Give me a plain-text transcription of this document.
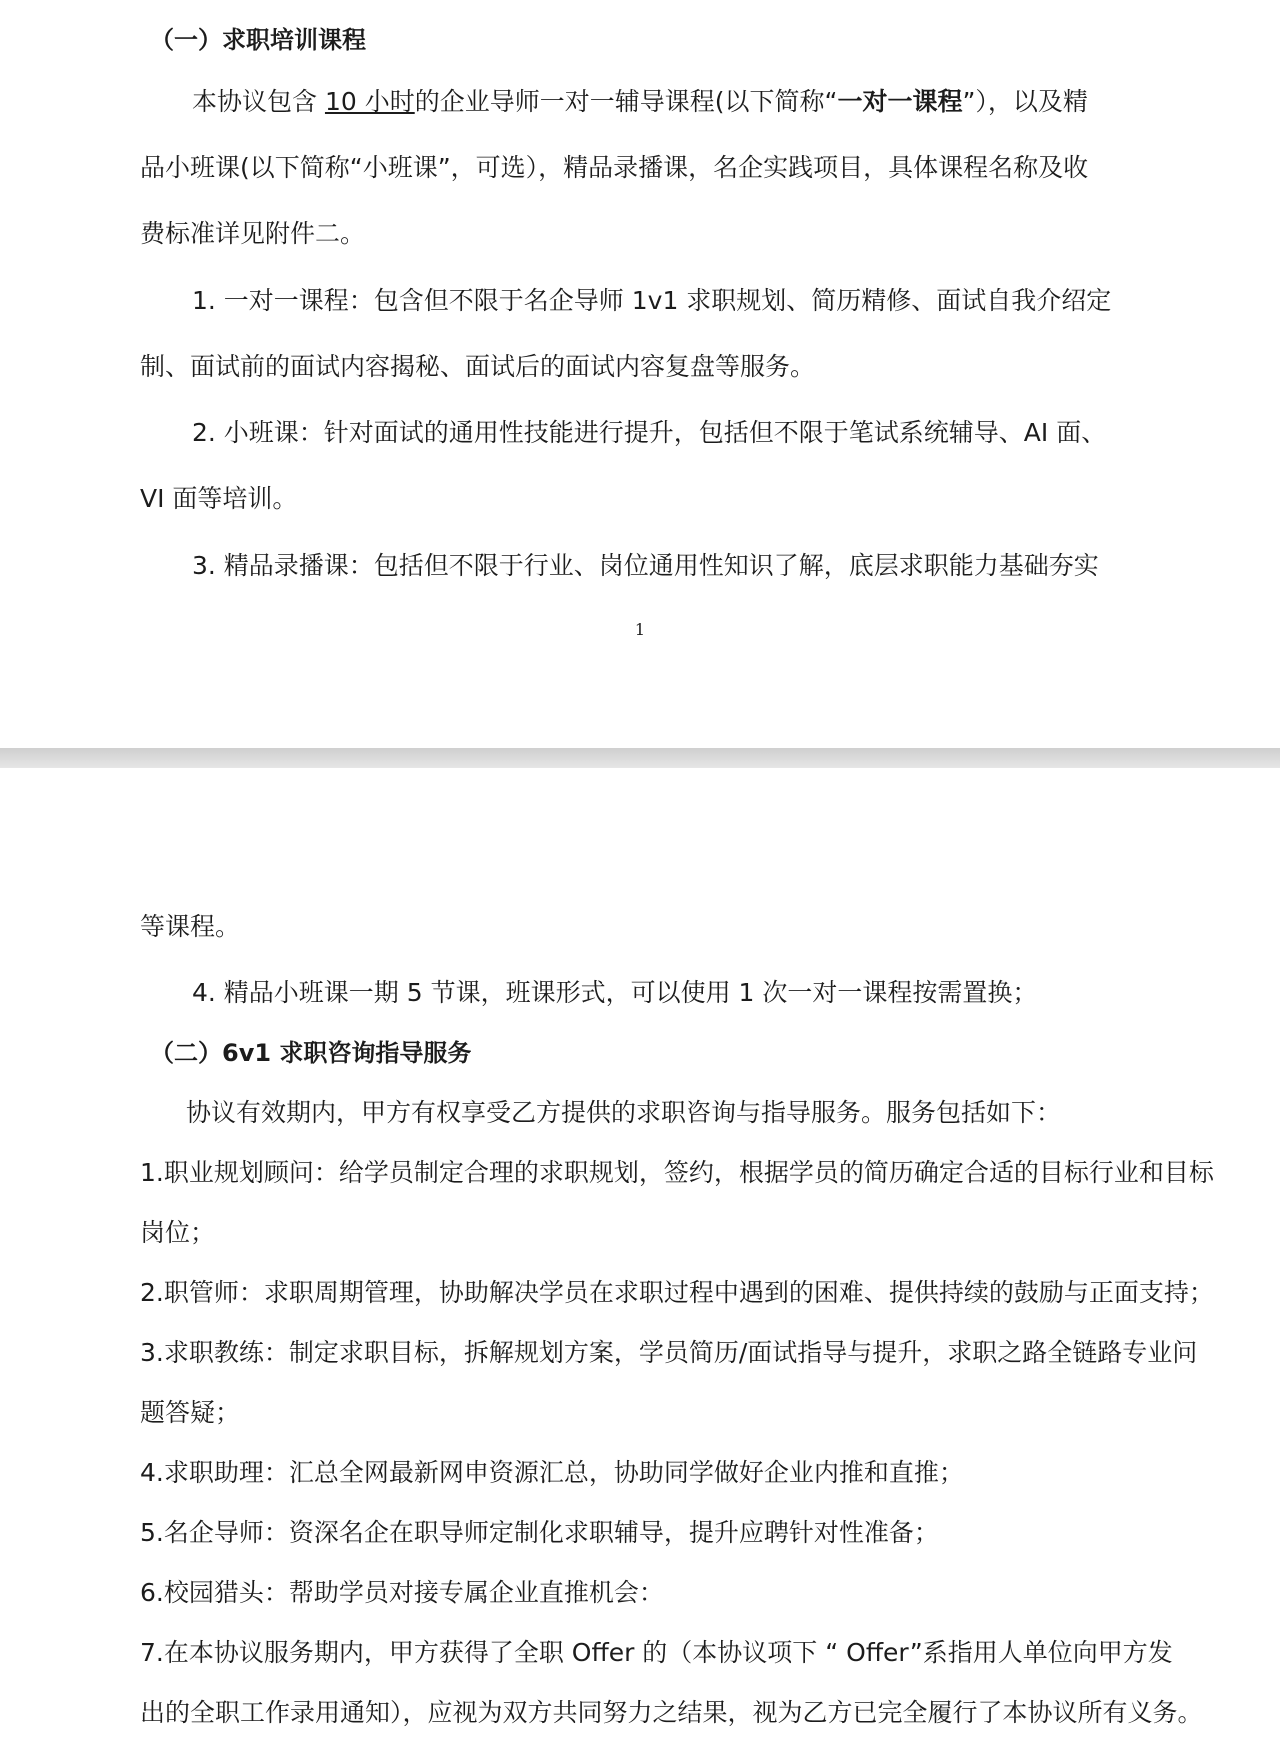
（一）求职培训课程
本协议包含 10 小时的企业导师一对一辅导课程(以下简称“一对一课程”），以及精
品小班课(以下简称“小班课”，可选），精品录播课，名企实践项目，具体课程名称及收
费标准详见附件二。
1. 一对一课程：包含但不限于名企导师 1v1 求职规划、简历精修、面试自我介绍定
制、面试前的面试内容揭秘、面试后的面试内容复盘等服务。
2. 小班课：针对面试的通用性技能进行提升，包括但不限于笔试系统辅导、AI 面、
VI 面等培训。
3. 精品录播课：包括但不限于行业、岗位通用性知识了解，底层求职能力基础夯实
1
等课程。
4. 精品小班课一期 5 节课，班课形式，可以使用 1 次一对一课程按需置换；
（二）6v1 求职咨询指导服务
协议有效期内，甲方有权享受乙方提供的求职咨询与指导服务。服务包括如下：
1.职业规划顾问：给学员制定合理的求职规划，签约，根据学员的简历确定合适的目标行业和目标
岗位；
2.职管师：求职周期管理，协助解决学员在求职过程中遇到的困难、提供持续的鼓励与正面支持；
3.求职教练：制定求职目标，拆解规划方案，学员简历/面试指导与提升，求职之路全链路专业问
题答疑；
4.求职助理：汇总全网最新网申资源汇总，协助同学做好企业内推和直推；
5.名企导师：资深名企在职导师定制化求职辅导，提升应聘针对性准备；
6.校园猎头：帮助学员对接专属企业直推机会：
7.在本协议服务期内，甲方获得了全职 Offer 的（本协议项下 “ Offer”系指用人单位向甲方发
出的全职工作录用通知），应视为双方共同努力之结果，视为乙方已完全履行了本协议所有义务。
